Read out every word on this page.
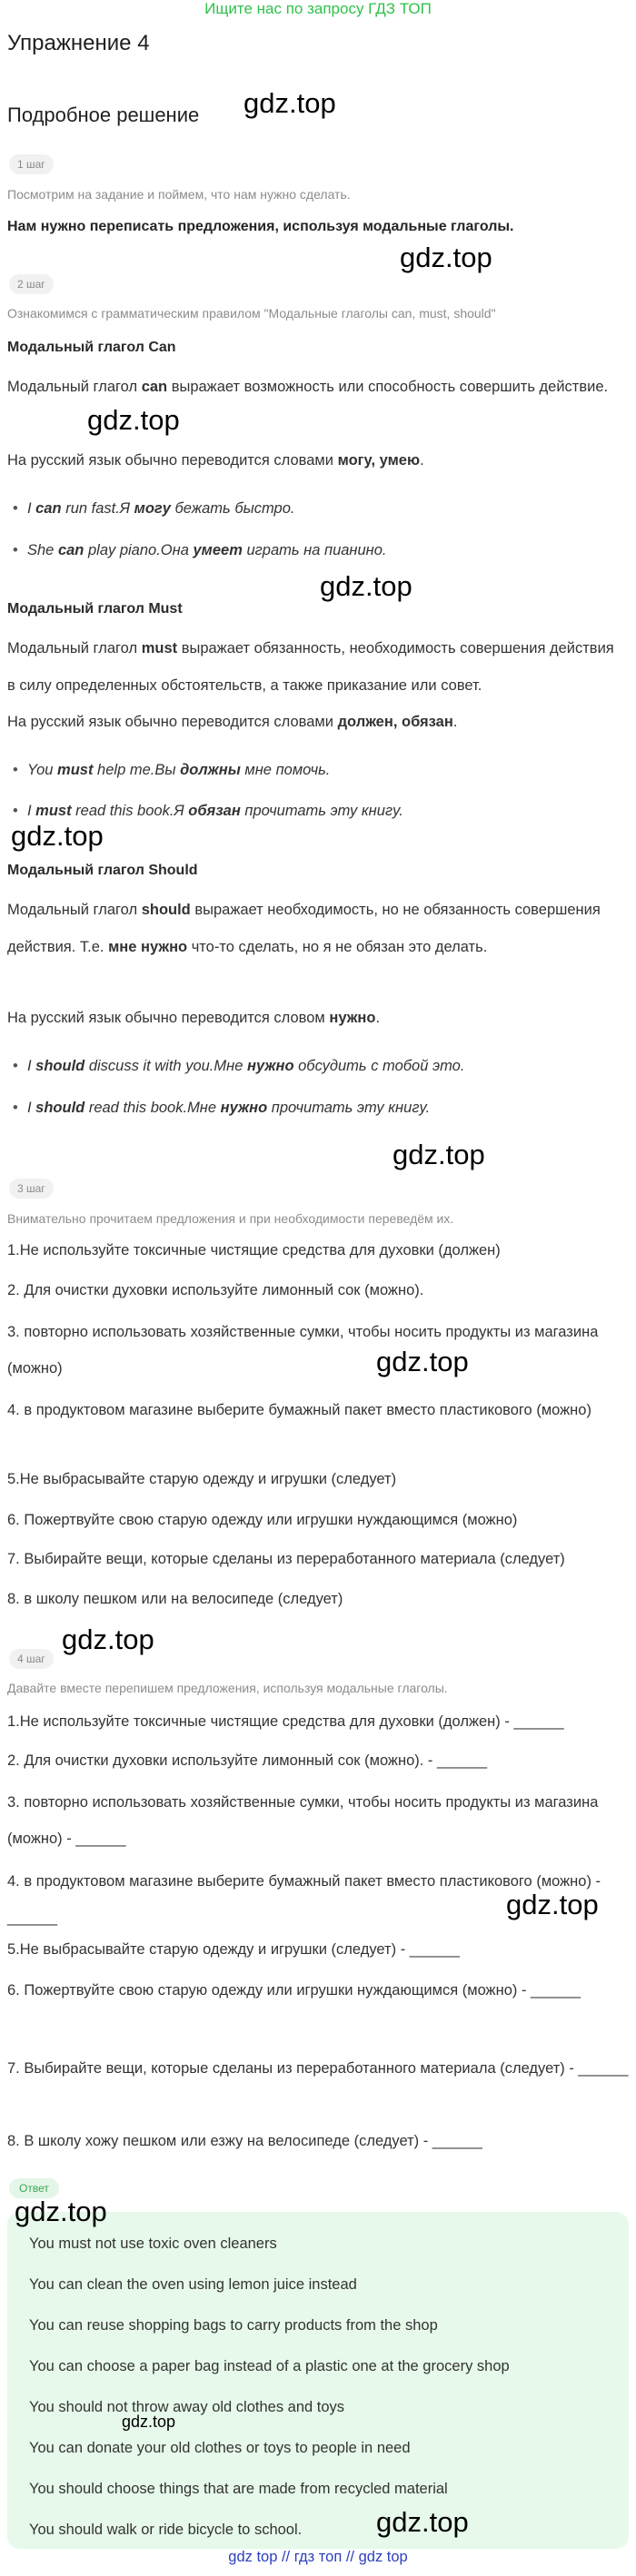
Ищите нас по запросу ГДЗ ТОП
Упражнение 4
Подробное решение
1 шаг
Посмотрим на задание и поймем, что нам нужно сделать.
Нам нужно переписать предложения, используя модальные глаголы.
2 шаг
Ознакомимся с грамматическим правилом "Модальные глаголы can, must, should"
Модальный глагол Can
Модальный глагол can выражает возможность или способность совершить действие.
На русский язык обычно переводится словами могу, умею.
• I can run fast.Я могу бежать быстро.
• She can play piano.Она умеет играть на пианино.
Модальный глагол Must
Модальный глагол must выражает обязанность, необходимость совершения действия в силу определенных обстоятельств, а также приказание или совет.
На русский язык обычно переводится словами должен, обязан.
• You must help me.Вы должны мне помочь.
• I must read this book.Я обязан прочитать эту книгу.
Модальный глагол Should
Модальный глагол should выражает необходимость, но не обязанность совершения действия. Т.е. мне нужно что-то сделать, но я не обязан это делать.
На русский язык обычно переводится словом нужно.
• I should discuss it with you.Мне нужно обсудить с тобой это.
• I should read this book.Мне нужно прочитать эту книгу.
3 шаг
Внимательно прочитаем предложения и при необходимости переведём их.
1.Не используйте токсичные чистящие средства для духовки (должен)
2. Для очистки духовки используйте лимонный сок (можно).
3. повторно использовать хозяйственные сумки, чтобы носить продукты из магазина (можно)
4. в продуктовом магазине выберите бумажный пакет вместо пластикового (можно)
5.Не выбрасывайте старую одежду и игрушки (следует)
6. Пожертвуйте свою старую одежду или игрушки нуждающимся (можно)
7. Выбирайте вещи, которые сделаны из переработанного материала (следует)
8. в школу пешком или на велосипеде (следует)
4 шаг
Давайте вместе перепишем предложения, используя модальные глаголы.
1.Не используйте токсичные чистящие средства для духовки (должен) - ______
2. Для очистки духовки используйте лимонный сок (можно). - ______
3. повторно использовать хозяйственные сумки, чтобы носить продукты из магазина (можно) - ______
4. в продуктовом магазине выберите бумажный пакет вместо пластикового (можно) - ______
5.Не выбрасывайте старую одежду и игрушки (следует) - ______
6. Пожертвуйте свою старую одежду или игрушки нуждающимся (можно) - ______
7. Выбирайте вещи, которые сделаны из переработанного материала (следует) - ______
8. В школу хожу пешком или езжу на велосипеде (следует) - ______
Ответ
You must not use toxic oven cleaners
You can clean the oven using lemon juice instead
You can reuse shopping bags to carry products from the shop
You can choose a paper bag instead of a plastic one at the grocery shop
You should not throw away old clothes and toys
You can donate your old clothes or toys to people in need
You should choose things that are made from recycled material
You should walk or ride bicycle to school.
gdz.top
gdz.top
gdz.top
gdz.top
gdz.top
gdz.top
gdz.top
gdz.top
gdz.top
gdz.top
gdz.top
gdz.top
gdz top // гдз топ // gdz top
